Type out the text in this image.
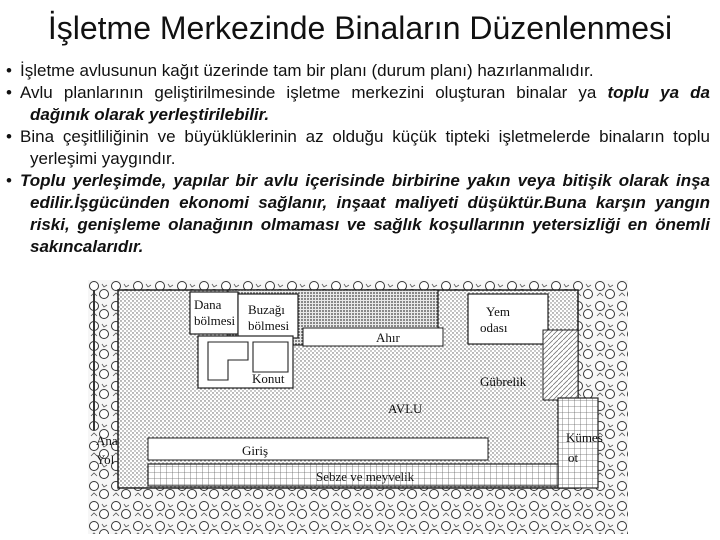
İşletme Merkezinde Binaların Düzenlenmesi

• İşletme avlusunun kağıt üzerinde tam bir planı (durum planı) hazırlanmalıdır.

• Avlu planlarının geliştirilmesinde işletme merkezini oluşturan binalar ya toplu ya da dağınık olarak yerleştirilebilir.

• Bina çeşitliliğinin ve büyüklüklerinin az olduğu küçük tipteki işletmelerde binaların toplu yerleşimi yaygındır.

• Toplu yerleşimde, yapılar bir avlu içerisinde birbirine yakın veya bitişik olarak inşa edilir.İşgücünden ekonomi sağlanır, inşaat maliyeti düşüktür.Buna karşın yangın riski, genişleme olanağının olmaması ve sağlık koşullarının yetersizliği en önemli sakıncalarıdır.

Dana
bölmesi
Buzağı
bölmesi
Yem
odası
Ahır
Konut	Gübrelik
AVLU
Ana
Yol
Giriş
Kümes
ot
Sebze ve meyvelik
